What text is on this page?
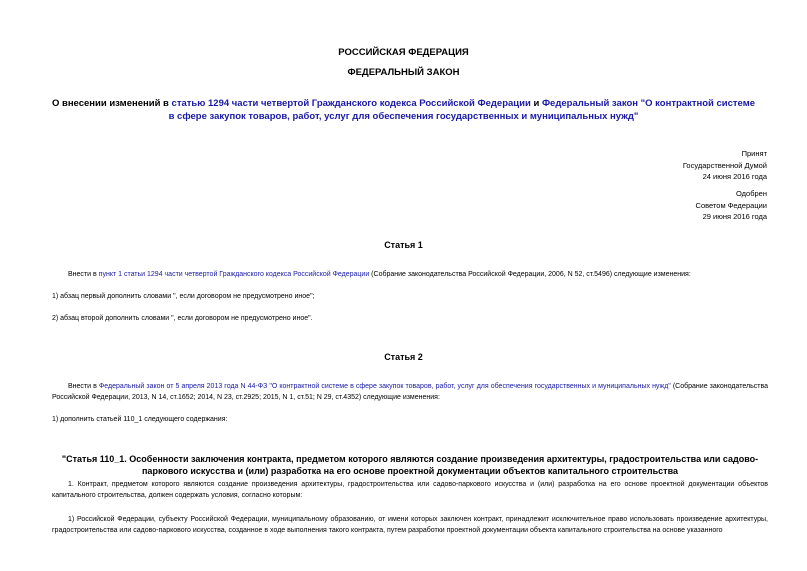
РОССИЙСКАЯ ФЕДЕРАЦИЯ
ФЕДЕРАЛЬНЫЙ ЗАКОН
О внесении изменений в статью 1294 части четвертой Гражданского кодекса Российской Федерации и Федеральный закон "О контрактной системе в сфере закупок товаров, работ, услуг для обеспечения государственных и муниципальных нужд"
Принят
Государственной Думой
24 июня 2016 года
Одобрен
Советом Федерации
29 июня 2016 года
Статья 1
Внести в пункт 1 статьи 1294 части четвертой Гражданского кодекса Российской Федерации (Собрание законодательства Российской Федерации, 2006, N 52, ст.5496) следующие изменения:
1) абзац первый дополнить словами ", если договором не предусмотрено иное";
2) абзац второй дополнить словами ", если договором не предусмотрено иное".
Статья 2
Внести в Федеральный закон от 5 апреля 2013 года N 44-ФЗ "О контрактной системе в сфере закупок товаров, работ, услуг для обеспечения государственных и муниципальных нужд" (Собрание законодательства Российской Федерации, 2013, N 14, ст.1652; 2014, N 23, ст.2925; 2015, N 1, ст.51; N 29, ст.4352) следующие изменения:
1) дополнить статьей 110_1 следующего содержания:
"Статья 110_1. Особенности заключения контракта, предметом которого являются создание произведения архитектуры, градостроительства или садово-паркового искусства и (или) разработка на его основе проектной документации объектов капитального строительства
1. Контракт, предметом которого являются создание произведения архитектуры, градостроительства или садово-паркового искусства и (или) разработка на его основе проектной документации объектов капитального строительства, должен содержать условия, согласно которым:
1) Российской Федерации, субъекту Российской Федерации, муниципальному образованию, от имени которых заключен контракт, принадлежит исключительное право использовать произведение архитектуры, градостроительства или садово-паркового искусства, созданное в ходе выполнения такого контракта, путем разработки проектной документации объекта капитального строительства на основе указанного
